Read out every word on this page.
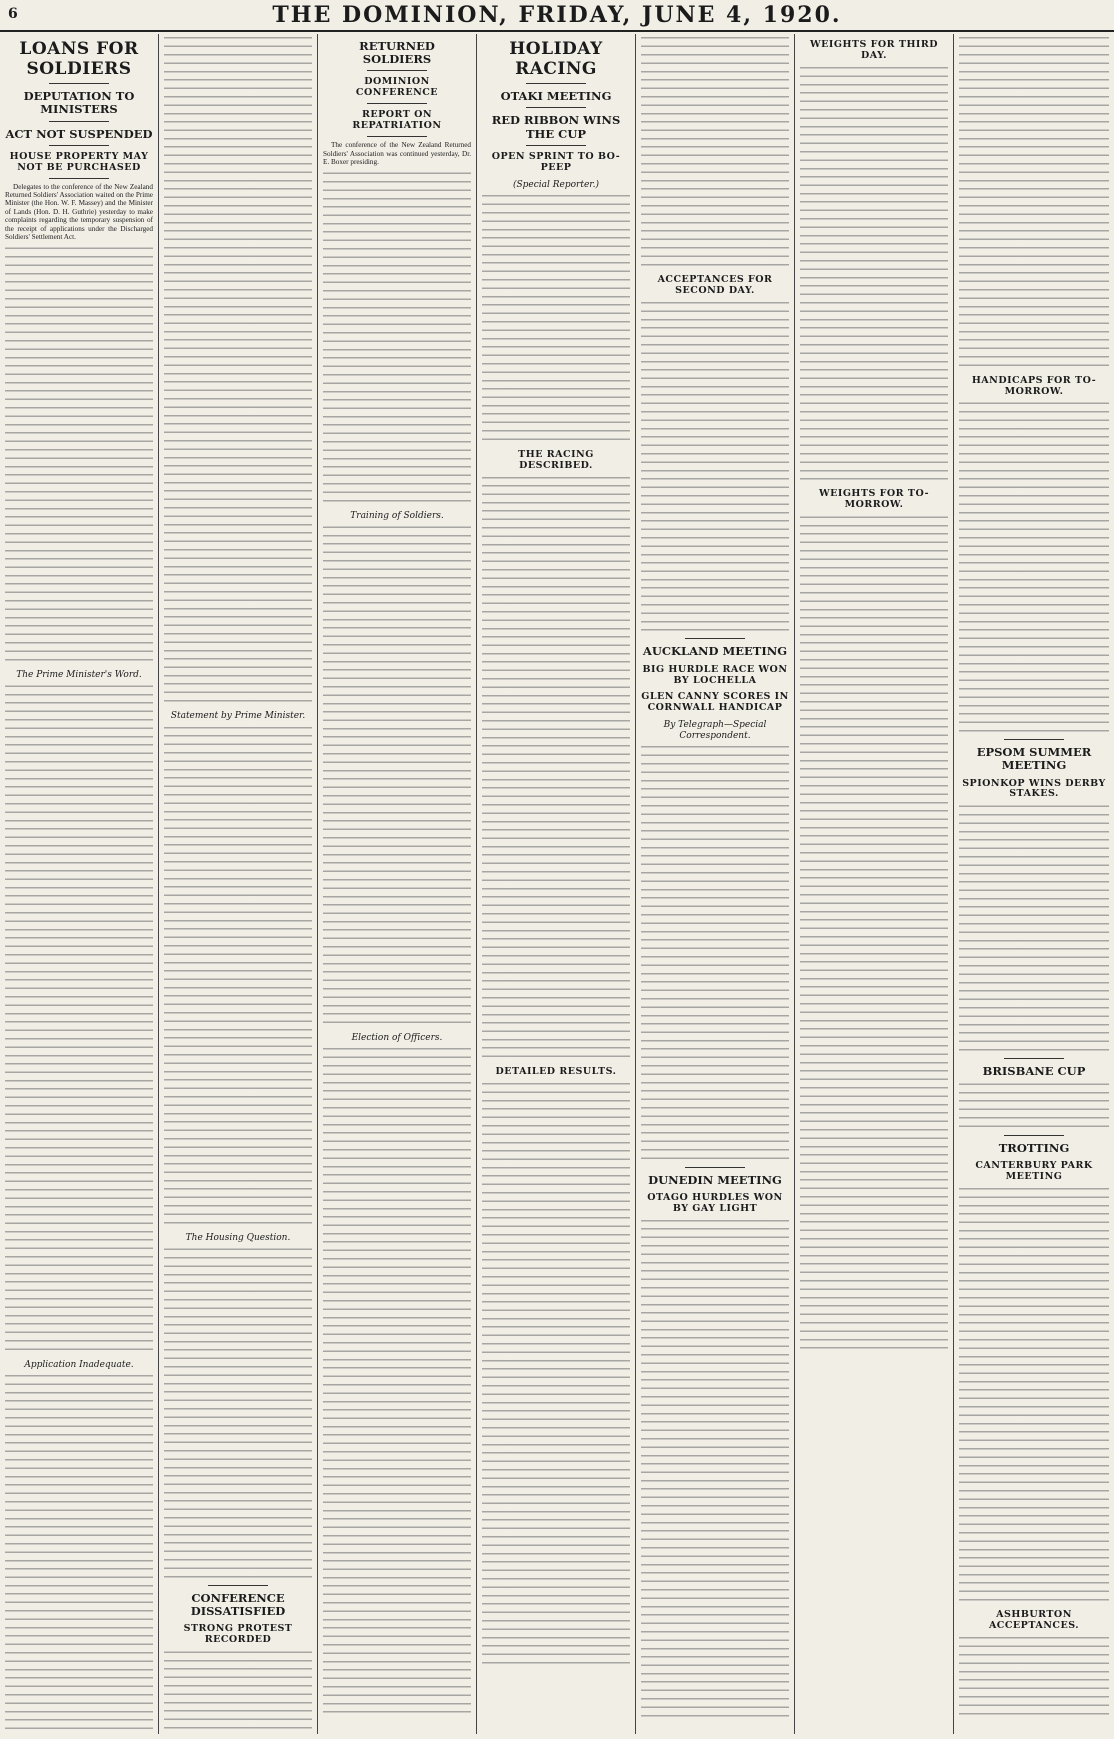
6	THE DOMINION, FRIDAY, JUNE 4, 1920.
LOANS FOR SOLDIERS
DEPUTATION TO MINISTERS
ACT NOT SUSPENDED
HOUSE PROPERTY MAY NOT BE PURCHASED

Delegates to the conference of the New Zealand Returned Soldiers' Association waited on the Prime Minister (the Hon. W. F. Massey) and the Minister of Lands (Hon. D. H. Guthrie) yesterday to make complaints regarding the temporary suspension of the receipt of applications under the Discharged Soldiers' Settlement Act.

The Prime Minister's Word.
Application Inadequate.
Statement by Prime Minister.
The Housing Question.
CONFERENCE DISSATISFIED
STRONG PROTEST RECORDED
RETURNED SOLDIERS
DOMINION CONFERENCE
REPORT ON REPATRIATION

The conference of the New Zealand Returned Soldiers' Association was continued yesterday, Dr. E. Boxer presiding.

Training of Soldiers.
Election of Officers.
HOLIDAY RACING
OTAKI MEETING
RED RIBBON WINS THE CUP
OPEN SPRINT TO BO-PEEP
(Special Reporter.)
THE RACING DESCRIBED.
DETAILED RESULTS.
ACCEPTANCES FOR SECOND DAY.
AUCKLAND MEETING
BIG HURDLE RACE WON BY LOCHELLA
GLEN CANNY SCORES IN CORNWALL HANDICAP
By Telegraph—Special Correspondent.
DUNEDIN MEETING
OTAGO HURDLES WON BY GAY LIGHT
WEIGHTS FOR THIRD DAY.
WEIGHTS FOR TO-MORROW.
HANDICAPS FOR TO-MORROW.
EPSOM SUMMER MEETING
SPIONKOP WINS DERBY STAKES.
BRISBANE CUP
TROTTING
CANTERBURY PARK MEETING
ASHBURTON ACCEPTANCES.
